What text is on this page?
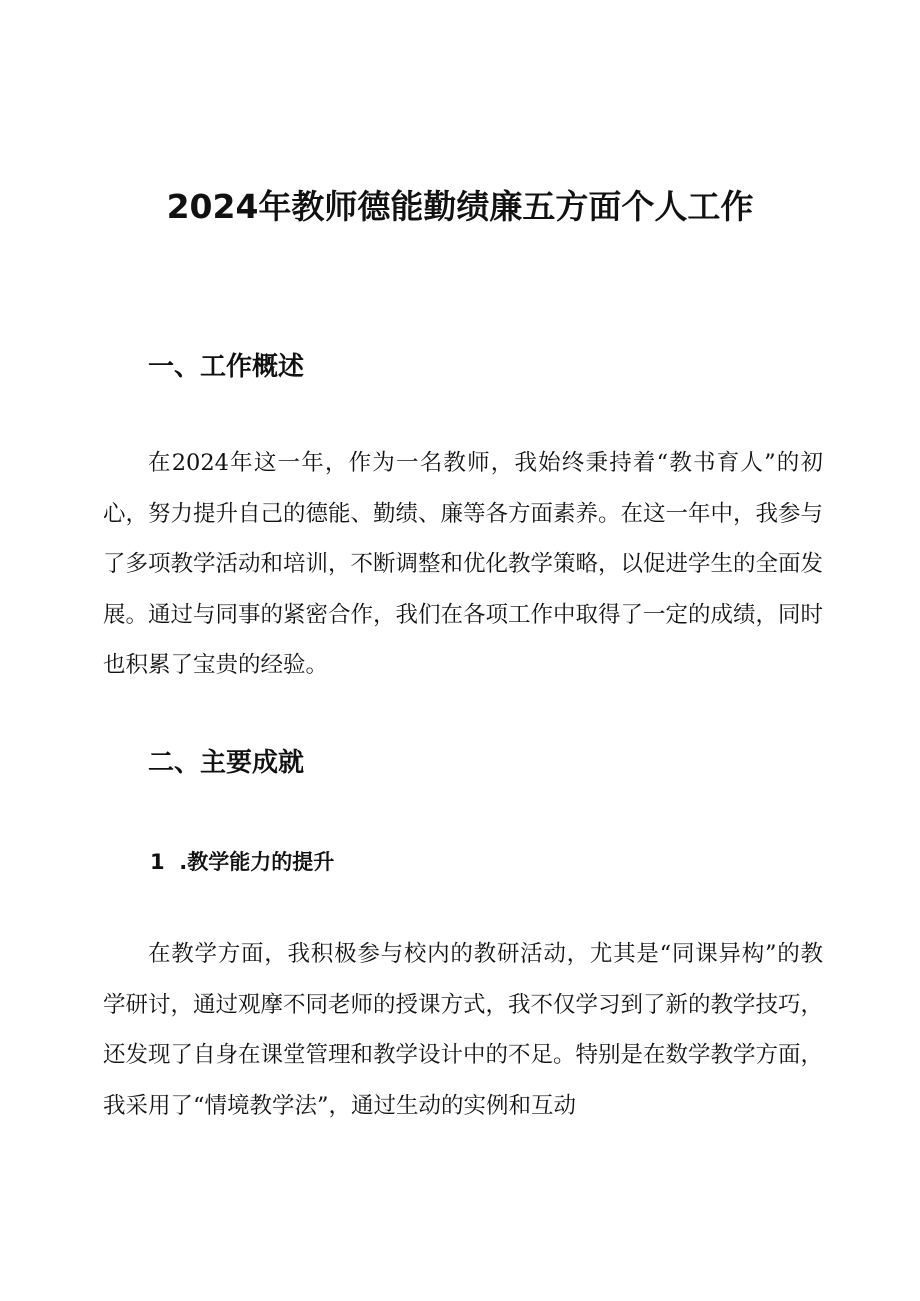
2024年教师德能勤绩廉五方面个人工作
一、工作概述

在2024年这一年，作为一名教师，我始终秉持着“教书育人”的初心，努力提升自己的德能、勤绩、廉等各方面素养。在这一年中，我参与了多项教学活动和培训，不断调整和优化教学策略，以促进学生的全面发展。通过与同事的紧密合作，我们在各项工作中取得了一定的成绩，同时也积累了宝贵的经验。

二、主要成就
1  .教学能力的提升

在教学方面，我积极参与校内的教研活动，尤其是“同课异构”的教学研讨，通过观摩不同老师的授课方式，我不仅学习到了新的教学技巧，还发现了自身在课堂管理和教学设计中的不足。特别是在数学教学方面，我采用了“情境教学法”，通过生动的实例和互动
